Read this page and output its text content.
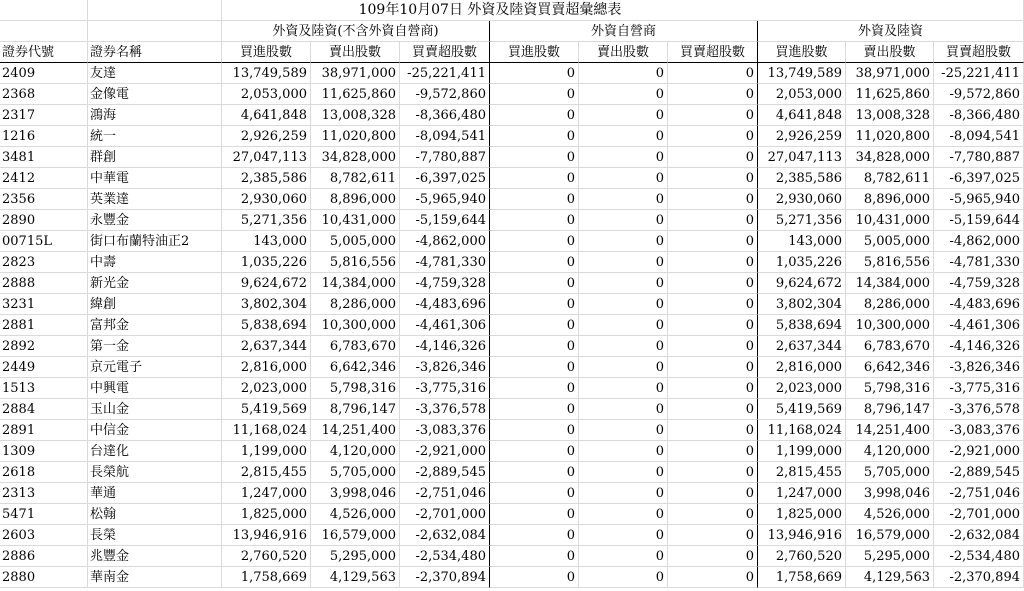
109年10月07日 外資及陸資買賣超彙總表
外資及陸資(不含外資自營商)	外資自營商	外資及陸資
證券代號	證券名稱	買進股數	賣出股數	買賣超股數	買進股數	賣出股數	買賣超股數	買進股數	賣出股數	買賣超股數
2409	友達	13,749,589	38,971,000 -25,221,411	0	0	0	13,749,589	38,971,000 -25,221,411
2368	金像電	2,053,000	11,625,860	-9,572,860	0	0	0	2,053,000	11,625,860	-9,572,860
2317	鴻海	4,641,848	13,008,328	-8,366,480	0	0	0	4,641,848	13,008,328	-8,366,480
1216	統一	2,926,259	11,020,800	-8,094,541	0	0	0	2,926,259	11,020,800	-8,094,541
3481	群創	27,047,113	34,828,000	-7,780,887	0	0	0	27,047,113	34,828,000	-7,780,887
2412	中華電	2,385,586	8,782,611	-6,397,025	0	0	0	2,385,586	8,782,611	-6,397,025
2356	英業達	2,930,060	8,896,000	-5,965,940	0	0	0	2,930,060	8,896,000	-5,965,940
2890	永豐金	5,271,356	10,431,000	-5,159,644	0	0	0	5,271,356	10,431,000	-5,159,644
00715L	街口布蘭特油正2	143,000	5,005,000	-4,862,000	0	0	0	143,000	5,005,000	-4,862,000
2823	中壽	1,035,226	5,816,556	-4,781,330	0	0	0	1,035,226	5,816,556	-4,781,330
2888	新光金	9,624,672	14,384,000	-4,759,328	0	0	0	9,624,672	14,384,000	-4,759,328
3231	緯創	3,802,304	8,286,000	-4,483,696	0	0	0	3,802,304	8,286,000	-4,483,696
2881	富邦金	5,838,694	10,300,000	-4,461,306	0	0	0	5,838,694	10,300,000	-4,461,306
2892	第一金	2,637,344	6,783,670	-4,146,326	0	0	0	2,637,344	6,783,670	-4,146,326
2449	京元電子	2,816,000	6,642,346	-3,826,346	0	0	0	2,816,000	6,642,346	-3,826,346
1513	中興電	2,023,000	5,798,316	-3,775,316	0	0	0	2,023,000	5,798,316	-3,775,316
2884	玉山金	5,419,569	8,796,147	-3,376,578	0	0	0	5,419,569	8,796,147	-3,376,578
2891	中信金	11,168,024	14,251,400	-3,083,376	0	0	0	11,168,024	14,251,400	-3,083,376
1309	台達化	1,199,000	4,120,000	-2,921,000	0	0	0	1,199,000	4,120,000	-2,921,000
2618	長榮航	2,815,455	5,705,000	-2,889,545	0	0	0	2,815,455	5,705,000	-2,889,545
2313	華通	1,247,000	3,998,046	-2,751,046	0	0	0	1,247,000	3,998,046	-2,751,046
5471	松翰	1,825,000	4,526,000	-2,701,000	0	0	0	1,825,000	4,526,000	-2,701,000
2603	長榮	13,946,916	16,579,000	-2,632,084	0	0	0	13,946,916	16,579,000	-2,632,084
2886	兆豐金	2,760,520	5,295,000	-2,534,480	0	0	0	2,760,520	5,295,000	-2,534,480
2880	華南金	1,758,669	4,129,563	-2,370,894	0	0	0	1,758,669	4,129,563	-2,370,894
